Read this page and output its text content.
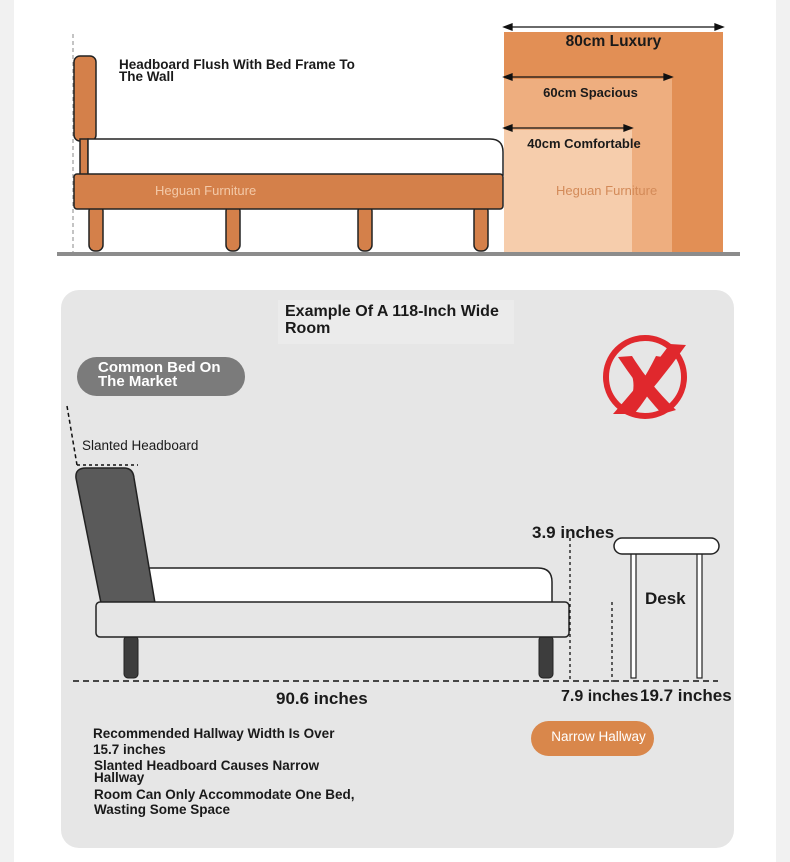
Headboard Flush With Bed Frame To The Wall
Heguan Furniture	Heguan Furniture
80cm Luxury
60cm Spacious
40cm Comfortable
Example Of A 118-Inch Wide Room
Common Bed On The Market
Slanted Headboard
3.9 inches
Desk
90.6 inches	7.9 inches 19.7 inches
Recommended Hallway Width Is Over 15.7 inches
Slanted Headboard Causes Narrow Hallway
Room Can Only Accommodate One Bed, Wasting Some Space
Narrow Hallway
